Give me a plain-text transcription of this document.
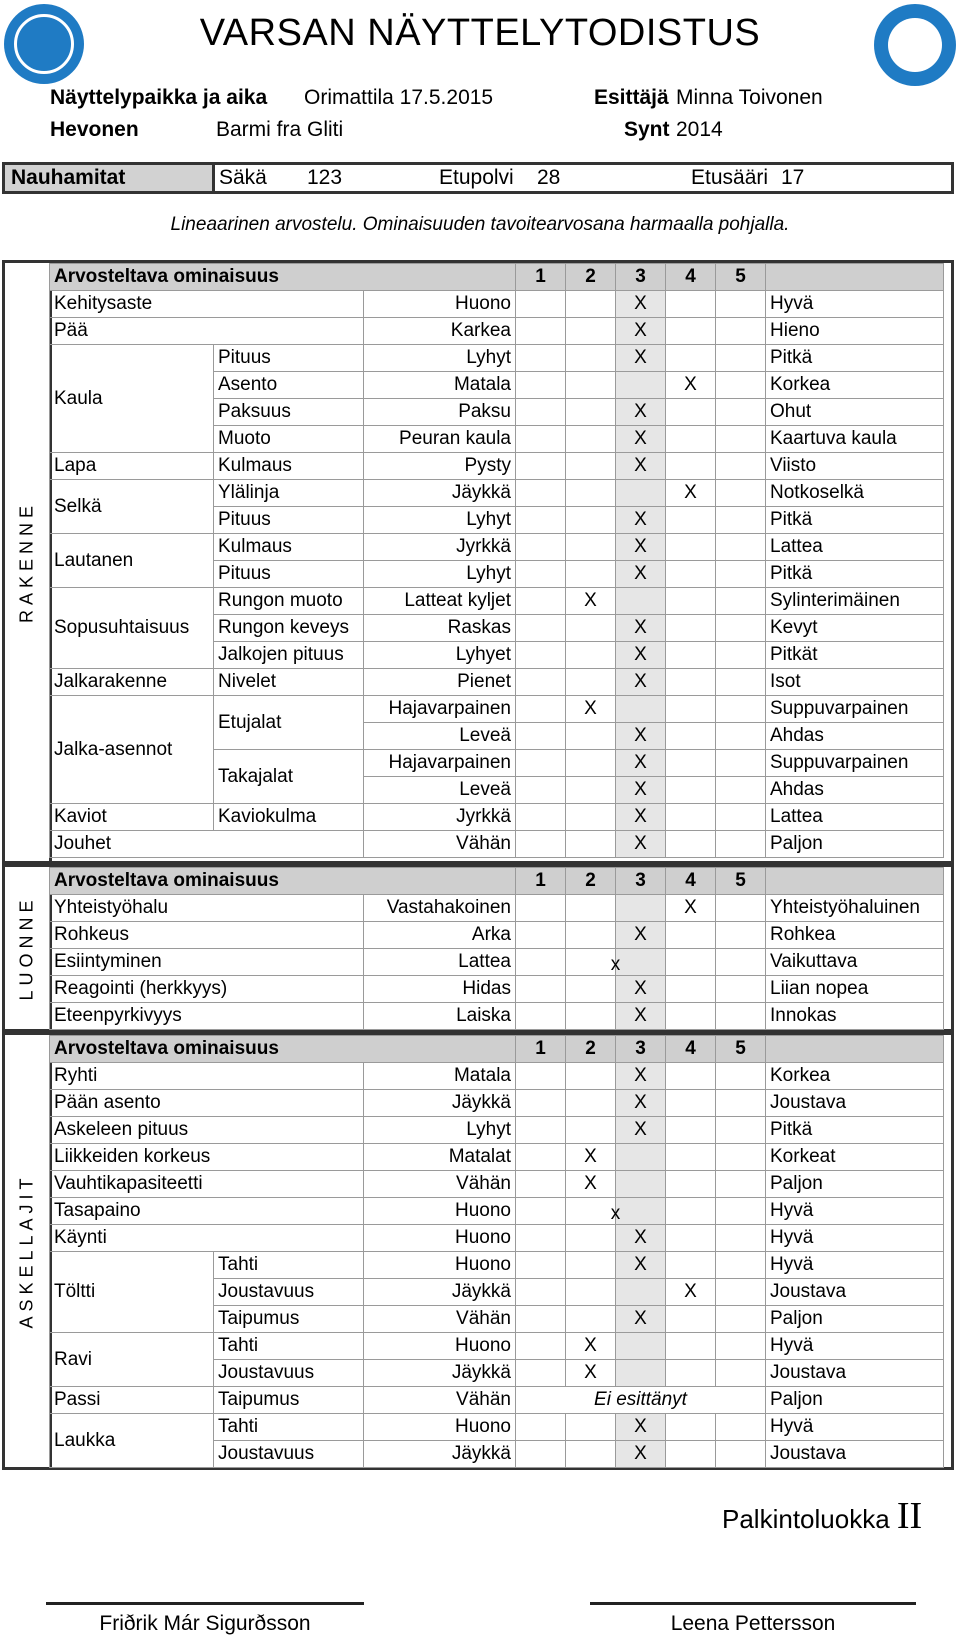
VARSAN NÄYTTELYTODISTUS
Näyttelypaikka ja aika Orimattila 17.5.2015	Esittäjä Minna Toivonen
Hevonen	Barmi fra Gliti	Synt 2014
Nauhamitat	Säkä 123	Etupolvi 28	Etusääri 17
Lineaarinen arvostelu. Ominaisuuden tavoitearvosana harmaalla pohjalla.
RAKENNE
Arvosteltava ominaisuus			1	2	3	4	5	
Kehitysaste		Huono			X			Hyvä
Pää		Karkea			X			Hieno
Kaula	Pituus	Lyhyt			X			Pitkä
	Asento	Matala				X		Korkea
	Paksuus	Paksu			X			Ohut
	Muoto	Peuran kaula			X			Kaartuva kaula
Lapa	Kulmaus	Pysty			X			Viisto
Selkä	Ylälinja	Jäykkä				X		Notkoselkä
	Pituus	Lyhyt			X			Pitkä
Lautanen	Kulmaus	Jyrkkä			X			Lattea
	Pituus	Lyhyt			X			Pitkä
Sopusuhtaisuus	Rungon muoto	Latteat kyljet		X				Sylinterimäinen
	Rungon keveys	Raskas			X			Kevyt
	Jalkojen pituus	Lyhyet			X			Pitkät
Jalkarakenne	Nivelet	Pienet			X			Isot
Jalka-asennot	Etujalat	Hajavarpainen		X				Suppuvarpainen
		Leveä			X			Ahdas
	Takajalat	Hajavarpainen			X			Suppuvarpainen
		Leveä			X			Ahdas
Kaviot	Kaviokulma	Jyrkkä			X			Lattea
Jouhet		Vähän			X			Paljon
LUONNE
Arvosteltava ominaisuus		1	2	3	4	5	
Yhteistyöhalu	Vastahakoinen				X		Yhteistyöhaluinen
Rohkeus	Arka			X			Rohkea
Esiintyminen	Lattea		x				Vaikuttava
Reagointi (herkkyys)	Hidas			X			Liian nopea
Eteenpyrkivyys	Laiska			X			Innokas
ASKELLAJIT
Arvosteltava ominaisuus			1	2	3	4	5	
Ryhti		Matala			X			Korkea
Pään asento		Jäykkä			X			Joustava
Askeleen pituus		Lyhyt			X			Pitkä
Liikkeiden korkeus		Matalat		X				Korkeat
Vauhtikapasiteetti		Vähän		X				Paljon
Tasapaino		Huono		x				Hyvä
Käynti		Huono			X			Hyvä
Töltti	Tahti	Huono			X			Hyvä
	Joustavuus	Jäykkä				X		Joustava
	Taipumus	Vähän			X			Paljon
Ravi	Tahti	Huono		X				Hyvä
	Joustavuus	Jäykkä		X				Joustava
Passi	Taipumus	Vähän	Ei esittänyt					Paljon
Laukka	Tahti	Huono			X			Hyvä
	Joustavuus	Jäykkä			X			Joustava
Palkintoluokka II
Friðrik Már Sigurðsson	Leena Pettersson
